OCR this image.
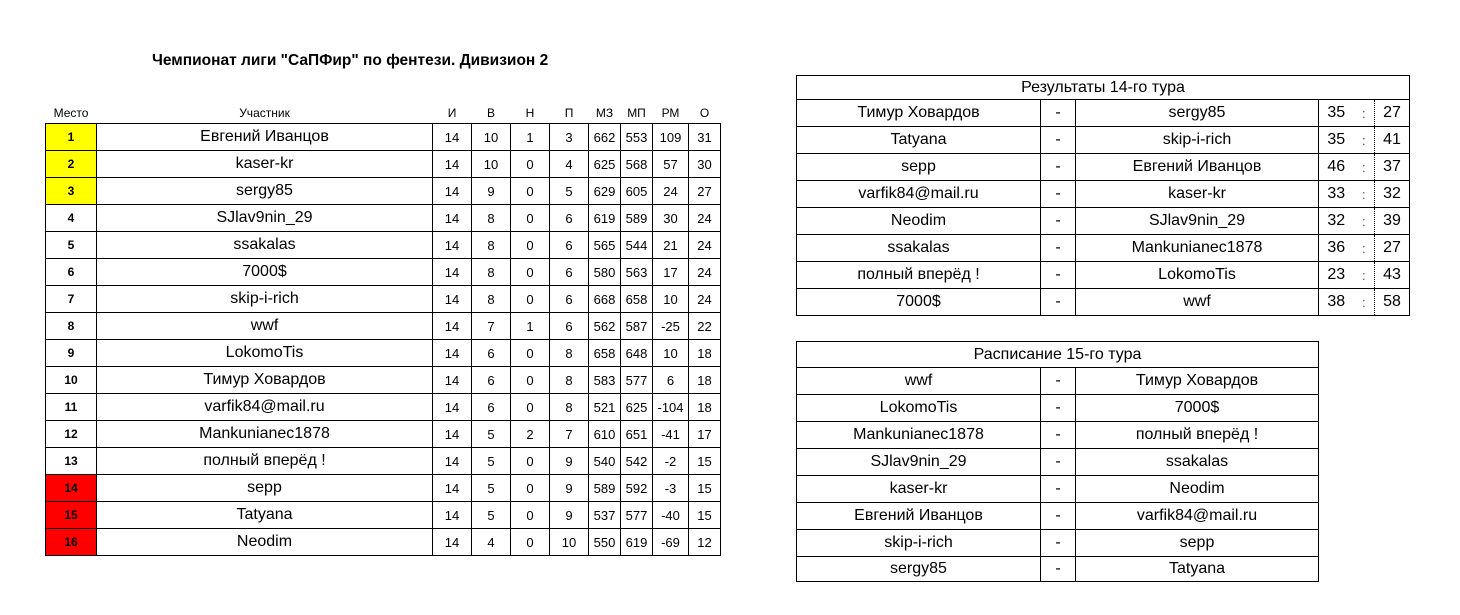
Чемпионат лиги "СаПФир" по фентези. Дивизион 2
Место	Участник	И	В	Н	П	МЗ	МП	РМ	О
1	Евгений Иванцов	14	10	1	3	662	553	109	31
2	kaser-kr	14	10	0	4	625	568	57	30
3	sergy85	14	9	0	5	629	605	24	27
4	SJlav9nin_29	14	8	0	6	619	589	30	24
5	ssakalas	14	8	0	6	565	544	21	24
6	7000$	14	8	0	6	580	563	17	24
7	skip-i-rich	14	8	0	6	668	658	10	24
8	wwf	14	7	1	6	562	587	-25	22
9	LokomoTis	14	6	0	8	658	648	10	18
10	Тимур Ховардов	14	6	0	8	583	577	6	18
11	varfik84@mail.ru	14	6	0	8	521	625	-104	18
12	Mankunianec1878	14	5	2	7	610	651	-41	17
13	полный вперёд !	14	5	0	9	540	542	-2	15
14	sepp	14	5	0	9	589	592	-3	15
15	Tatyana	14	5	0	9	537	577	-40	15
16	Neodim	14	4	0	10	550	619	-69	12
Результаты 14-го тура					
Тимур Ховардов	-	sergy85	35	:	27
Tatyana	-	skip-i-rich	35	:	41
sepp	-	Евгений Иванцов	46	:	37
varfik84@mail.ru	-	kaser-kr	33	:	32
Neodim	-	SJlav9nin_29	32	:	39
ssakalas	-	Mankunianec1878	36	:	27
полный вперёд !	-	LokomoTis	23	:	43
7000$	-	wwf	38	:	58
Расписание 15-го тура		
wwf	-	Тимур Ховардов
LokomoTis	-	7000$
Mankunianec1878	-	полный вперёд !
SJlav9nin_29	-	ssakalas
kaser-kr	-	Neodim
Евгений Иванцов	-	varfik84@mail.ru
skip-i-rich	-	sepp
sergy85	-	Tatyana
